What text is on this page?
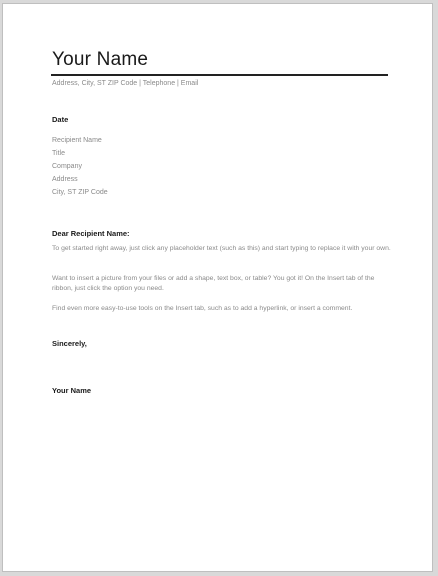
Your Name
Address, City, ST ZIP Code | Telephone | Email
Date
Recipient Name
Title
Company
Address
City, ST ZIP Code
Dear Recipient Name:
To get started right away, just click any placeholder text (such as this) and start typing to replace it with your own.
Want to insert a picture from your files or add a shape, text box, or table? You got it! On the Insert tab of the ribbon, just click the option you need.
Find even more easy-to-use tools on the Insert tab, such as to add a hyperlink, or insert a comment.
Sincerely,
Your Name
